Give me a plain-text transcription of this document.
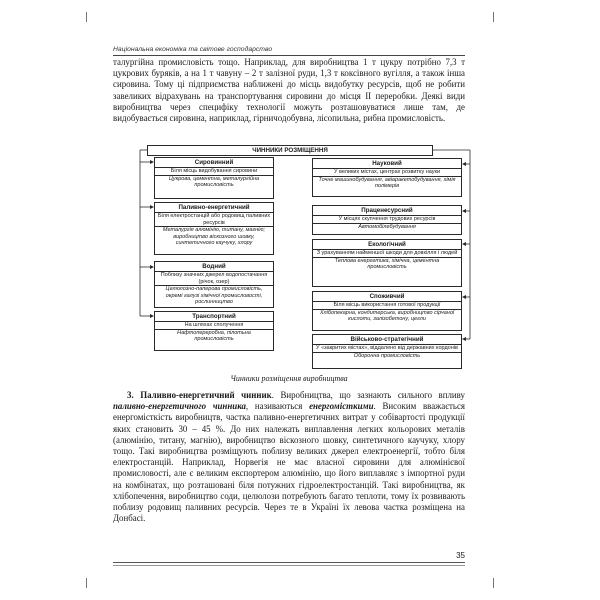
Національна економіка та світове господарство

талургійна промисловість тощо. Наприклад, для виробництва 1 т цукру потрібно 7,3 т цукрових буряків, а на 1 т чавуну – 2 т залізної руди, 1,3 т коксівного вугілля, а також інша сировина. Тому ці підприємства наближені до місць видобутку ресурсів, щоб не робити завеликих відрахувань на транспортування сировини до місця II переробки. Деякі види виробництва через специфіку технології можуть розташовуватися лише там, де видобувається сировина, наприклад, гірничодобувна, лісопильна, рибна промисловість.

ЧИННИКИ РОЗМІЩЕННЯ
Сировинний
Біля місць видобування сировини
Цукрова, цементна, металургійна промисловість
Паливно-енергетичний
Біля електростанцій або родовищ паливних ресурсів
Металургія алюмінію, титану, магнію; виробництво віскозного шовку, синтетичного каучуку, хлору
Водний
Поблизу значних джерел водопостачання (річок, озер)
Целюлозно-паперова промисловість, окремі галузі хімічної промисловості, рослинництво
Транспортний
На шляхах сполучення
Нафтопереробна, пілотьна промисловість
Науковий
У великих містах, центрах розвитку науки
Точне машинобудування, авіаракетобудування, хімія полімерів
Праценесурсний
У місцях скупчення трудових ресурсів
Автомобілебудування
Екологічний
З урахуванням найменшої шкоди для довкілля і людей
Теплова енергетика, хімічна, цементна промисловість
Споживчий
Біля місць використання готової продукції
Хлібопекарна, кондитерська, виробництво сірчаної кислоти, залізобетону, цегли
Військово-стратегічний
У «закритих містах», віддалено від державних кордонів
Оборонна промисловість

Чинники розміщення виробництва

3. Паливно-енергетичний чинник. Виробництва, що зазнають сильного впливу паливно-енергетичного чинника, називаються енергомісткими. Високим вважається енергомісткість виробництв, частка паливно-енергетичних витрат у собівартості продукції яких становить 30 – 45 %. До них належать виплавлення легких кольорових металів (алюмінію, титану, магнію), виробництво віскозного шовку, синтетичного каучуку, хлору тощо. Такі виробництва розміщують поблизу великих джерел електроенергії, тобто біля електростанцій. Наприклад, Норвегія не має власної сировини для алюмінієвої промисловості, але є великим експортером алюмінію, що його виплавляє з імпортної руди на комбінатах, що розташовані біля потужних гідроелектростанцій. Такі виробництва, як хлібопечення, виробництво соди, целюлози потребують багато теплоти, тому їх розвивають поблизу родовищ паливних ресурсів. Через те в Україні їх левова частка розміщена на Донбасі.

35
